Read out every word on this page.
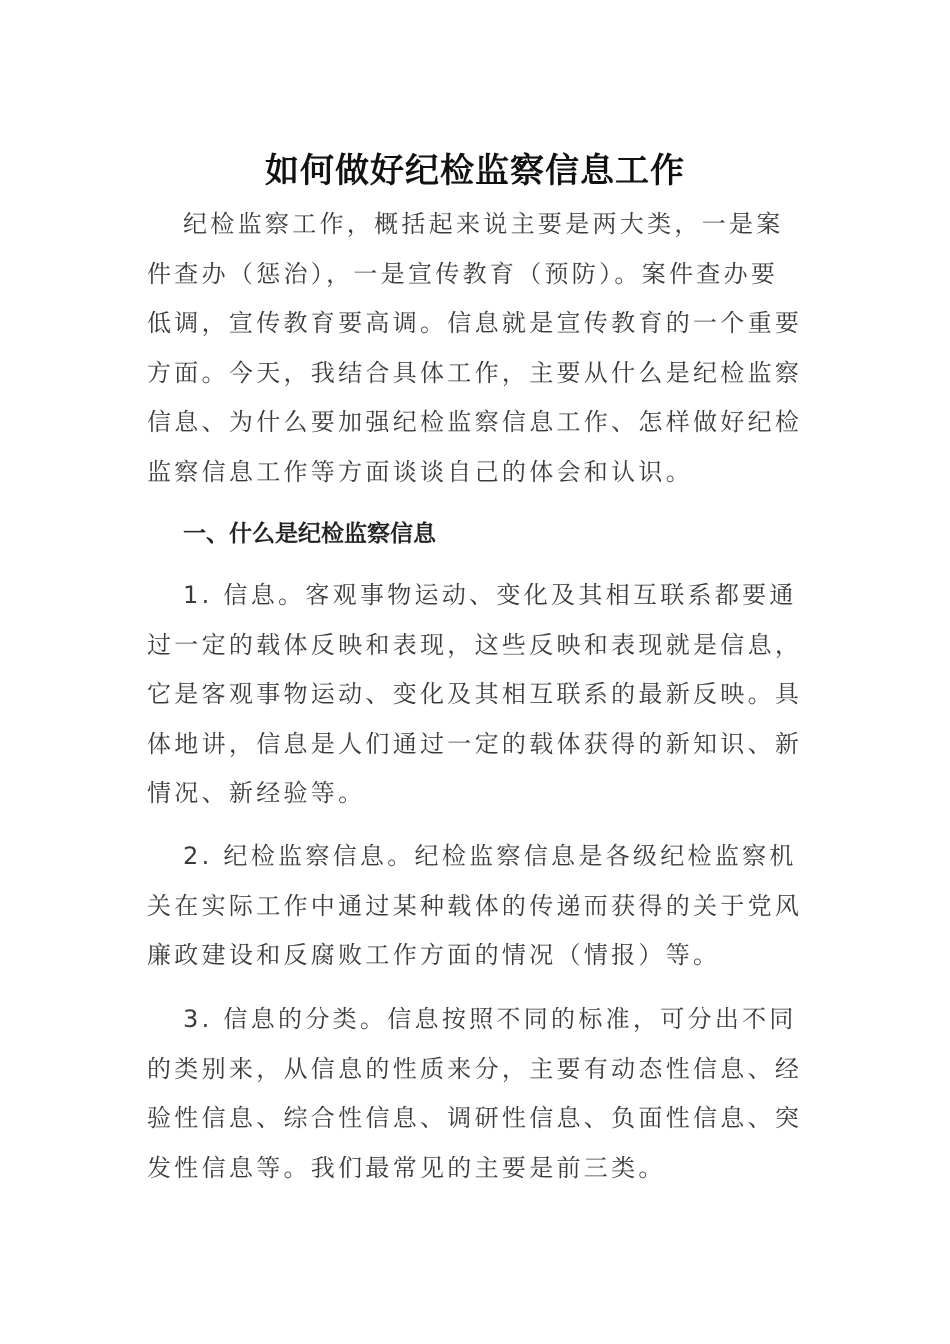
如何做好纪检监察信息工作

纪检监察工作，概括起来说主要是两大类，一是案件查办（惩治），一是宣传教育（预防）。案件查办要低调，宣传教育要高调。信息就是宣传教育的一个重要方面。今天，我结合具体工作，主要从什么是纪检监察信息、为什么要加强纪检监察信息工作、怎样做好纪检监察信息工作等方面谈谈自己的体会和认识。

一、什么是纪检监察信息

1. 信息。客观事物运动、变化及其相互联系都要通过一定的载体反映和表现，这些反映和表现就是信息，它是客观事物运动、变化及其相互联系的最新反映。具体地讲，信息是人们通过一定的载体获得的新知识、新情况、新经验等。

2. 纪检监察信息。纪检监察信息是各级纪检监察机关在实际工作中通过某种载体的传递而获得的关于党风廉政建设和反腐败工作方面的情况（情报）等。

3. 信息的分类。信息按照不同的标准，可分出不同的类别来，从信息的性质来分，主要有动态性信息、经验性信息、综合性信息、调研性信息、负面性信息、突发性信息等。我们最常见的主要是前三类。
